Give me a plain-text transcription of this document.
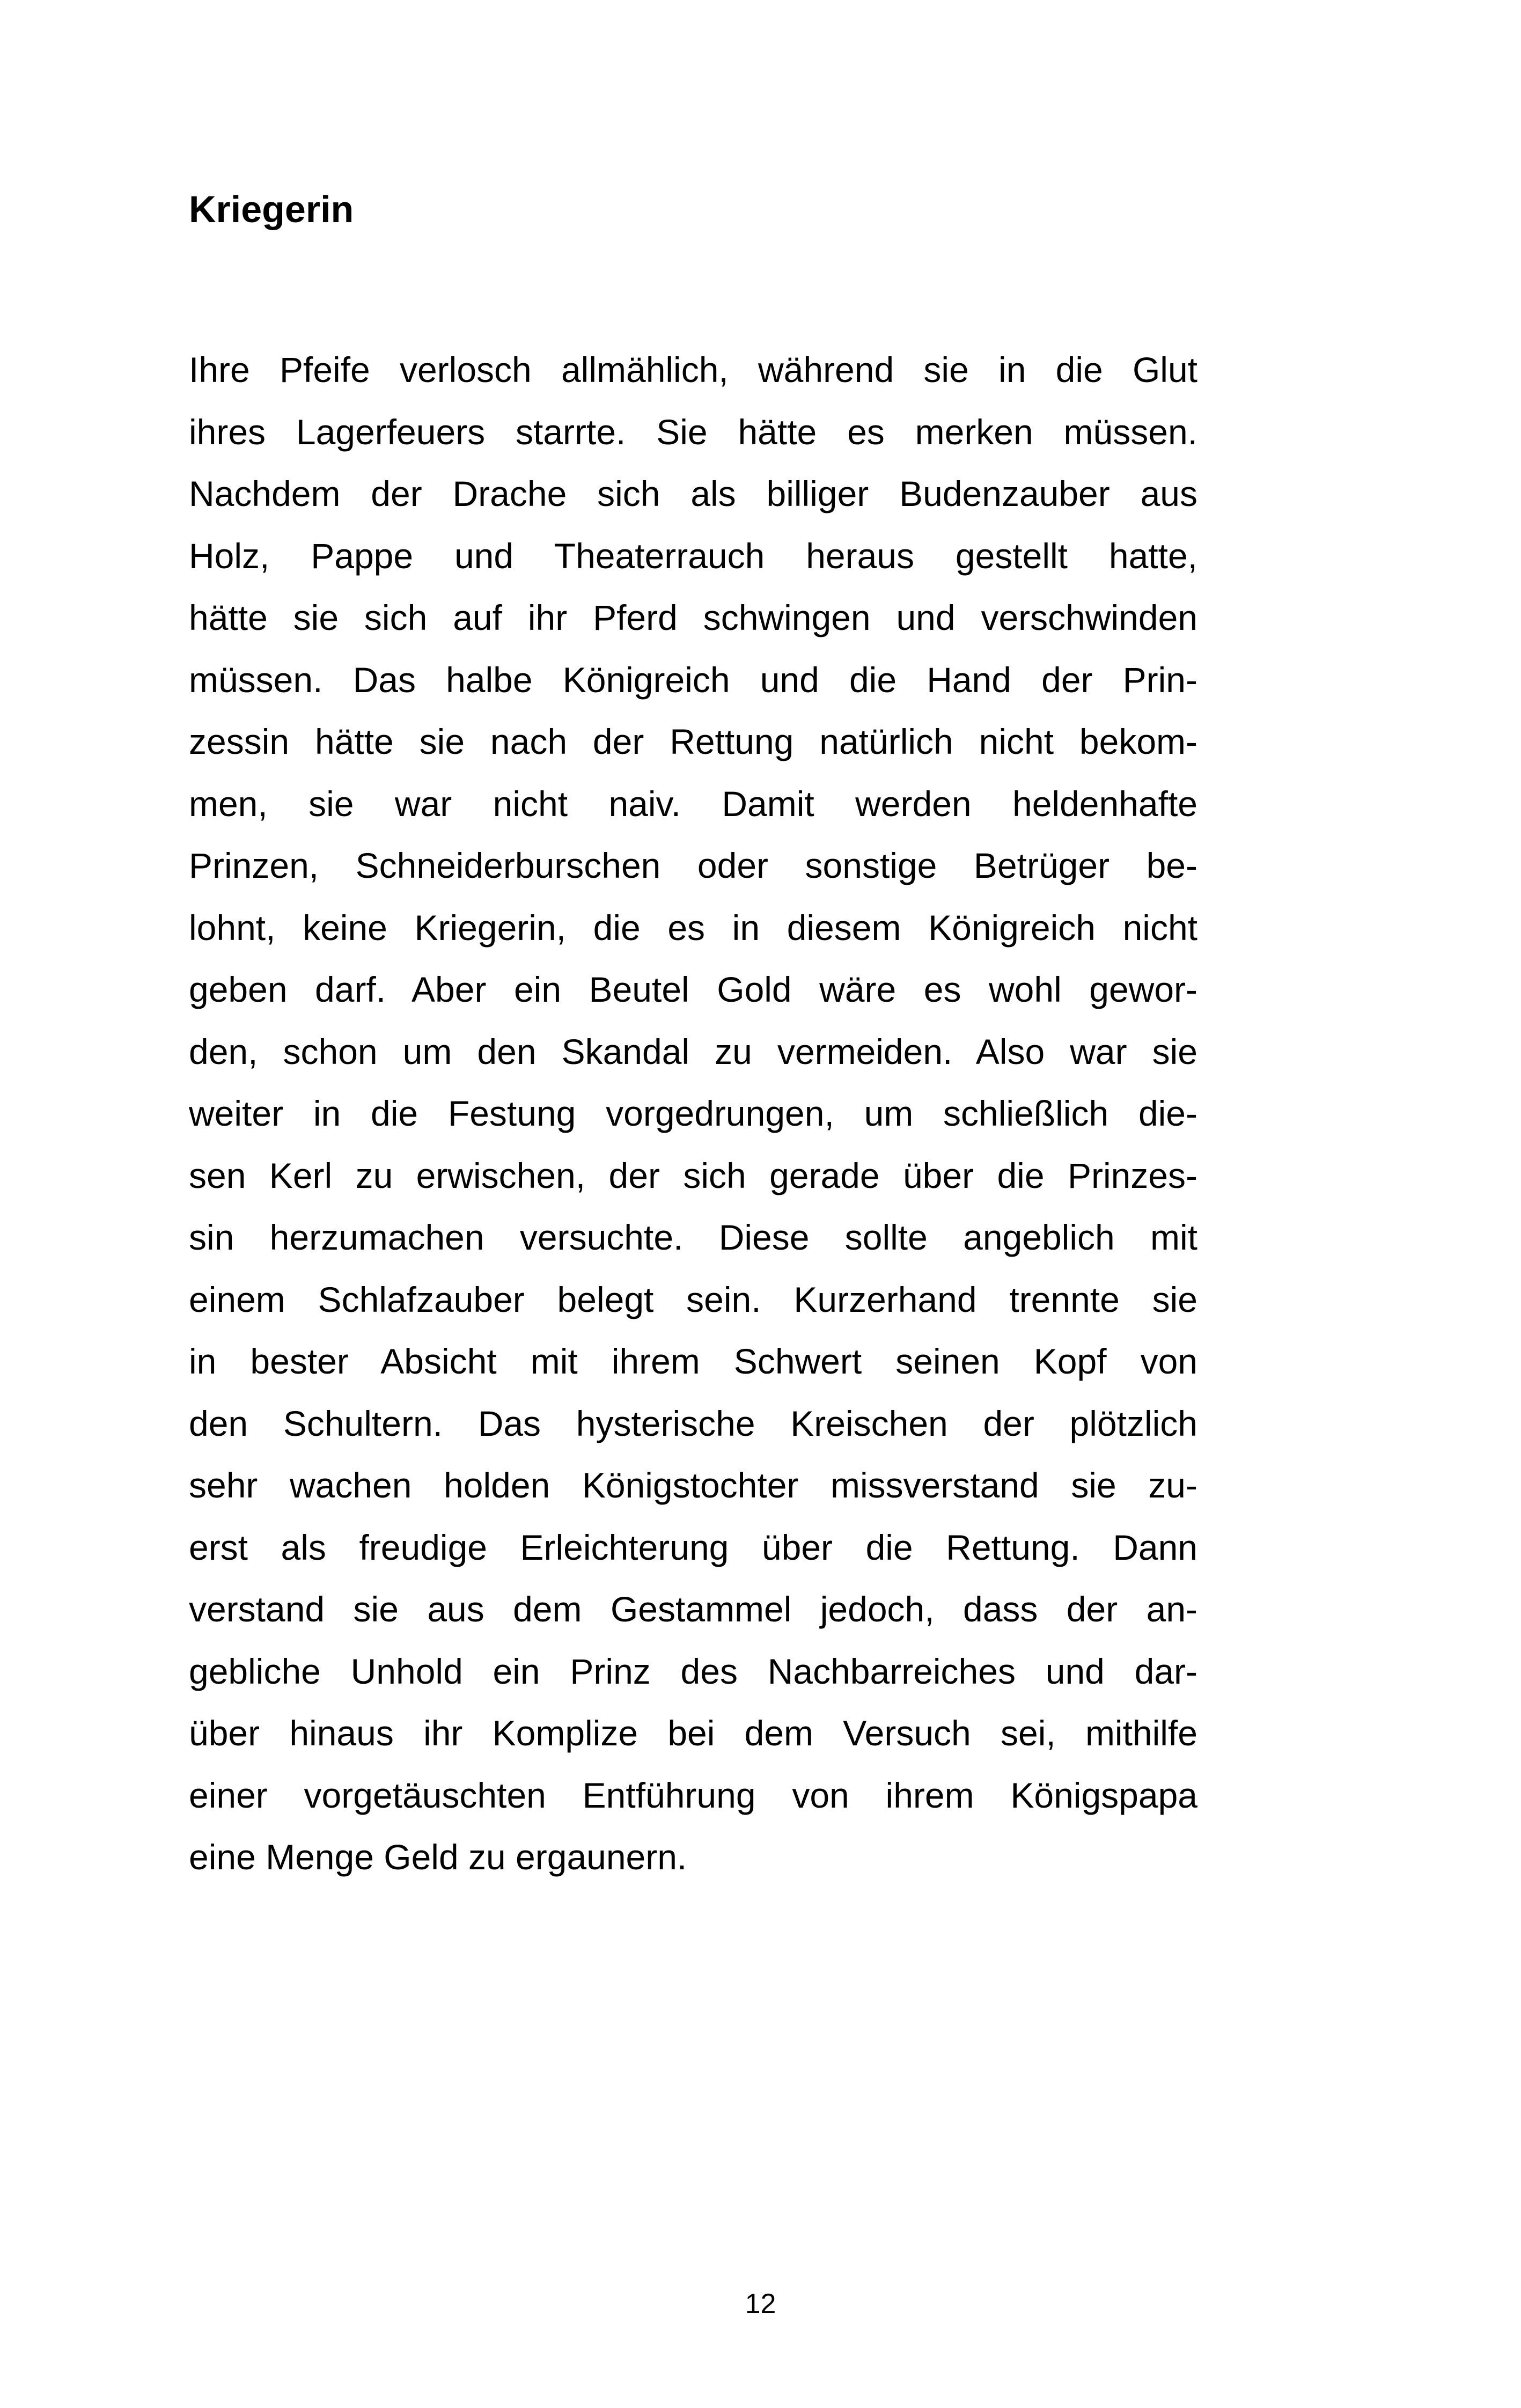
Kriegerin
Ihre Pfeife verlosch allmählich, während sie in die Glut
ihres Lagerfeuers starrte. Sie hätte es merken müssen.
Nachdem der Drache sich als billiger Budenzauber aus
Holz, Pappe und Theaterrauch heraus gestellt hatte,
hätte sie sich auf ihr Pferd schwingen und verschwinden
müssen. Das halbe Königreich und die Hand der Prin-
zessin hätte sie nach der Rettung natürlich nicht bekom-
men, sie war nicht naiv. Damit werden heldenhafte
Prinzen, Schneiderburschen oder sonstige Betrüger be-
lohnt, keine Kriegerin, die es in diesem Königreich nicht
geben darf. Aber ein Beutel Gold wäre es wohl gewor-
den, schon um den Skandal zu vermeiden. Also war sie
weiter in die Festung vorgedrungen, um schließlich die-
sen Kerl zu erwischen, der sich gerade über die Prinzes-
sin herzumachen versuchte. Diese sollte angeblich mit
einem Schlafzauber belegt sein. Kurzerhand trennte sie
in bester Absicht mit ihrem Schwert seinen Kopf von
den Schultern. Das hysterische Kreischen der plötzlich
sehr wachen holden Königstochter missverstand sie zu-
erst als freudige Erleichterung über die Rettung. Dann
verstand sie aus dem Gestammel jedoch, dass der an-
gebliche Unhold ein Prinz des Nachbarreiches und dar-
über hinaus ihr Komplize bei dem Versuch sei, mithilfe
einer vorgetäuschten Entführung von ihrem Königspapa
eine Menge Geld zu ergaunern.
12
